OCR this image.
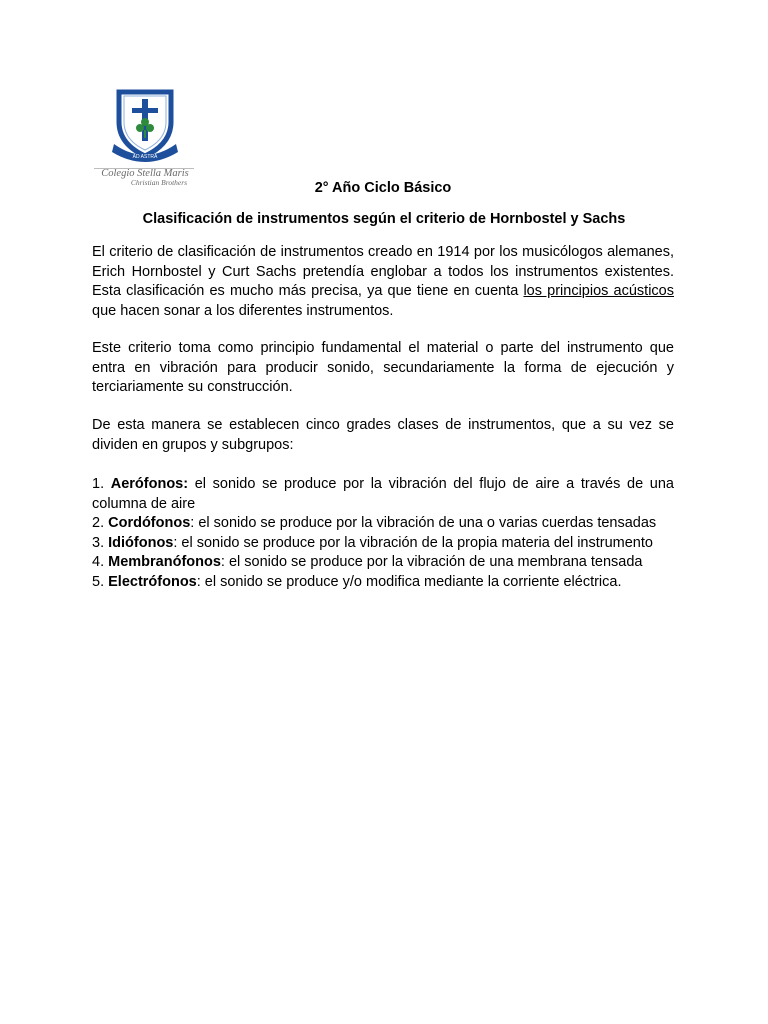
AD ASTRA
Colegio Stella Maris
Christian Brothers	2° Año Ciclo Básico
Clasificación de instrumentos según el criterio de Hornbostel y Sachs

El criterio de clasificación de instrumentos creado en 1914 por los musicólogos alemanes, Erich Hornbostel y Curt Sachs pretendía englobar a todos los instrumentos existentes. Esta clasificación es mucho más precisa, ya que tiene en cuenta los principios acústicos que hacen sonar a los diferentes instrumentos.

Este criterio toma como principio fundamental el material o parte del instrumento que entra en vibración para producir sonido, secundariamente la forma de ejecución y terciariamente su construcción.

De esta manera se establecen cinco grades clases de instrumentos, que a su vez se dividen en grupos y subgrupos:

1. Aerófonos: el sonido se produce por la vibración del flujo de aire a través de una columna de aire

2. Cordófonos: el sonido se produce por la vibración de una o varias cuerdas tensadas

3. Idiófonos: el sonido se produce por la vibración de la propia materia del instrumento

4. Membranófonos: el sonido se produce por la vibración de una membrana tensada

5. Electrófonos: el sonido se produce y/o modifica mediante la corriente eléctrica.
